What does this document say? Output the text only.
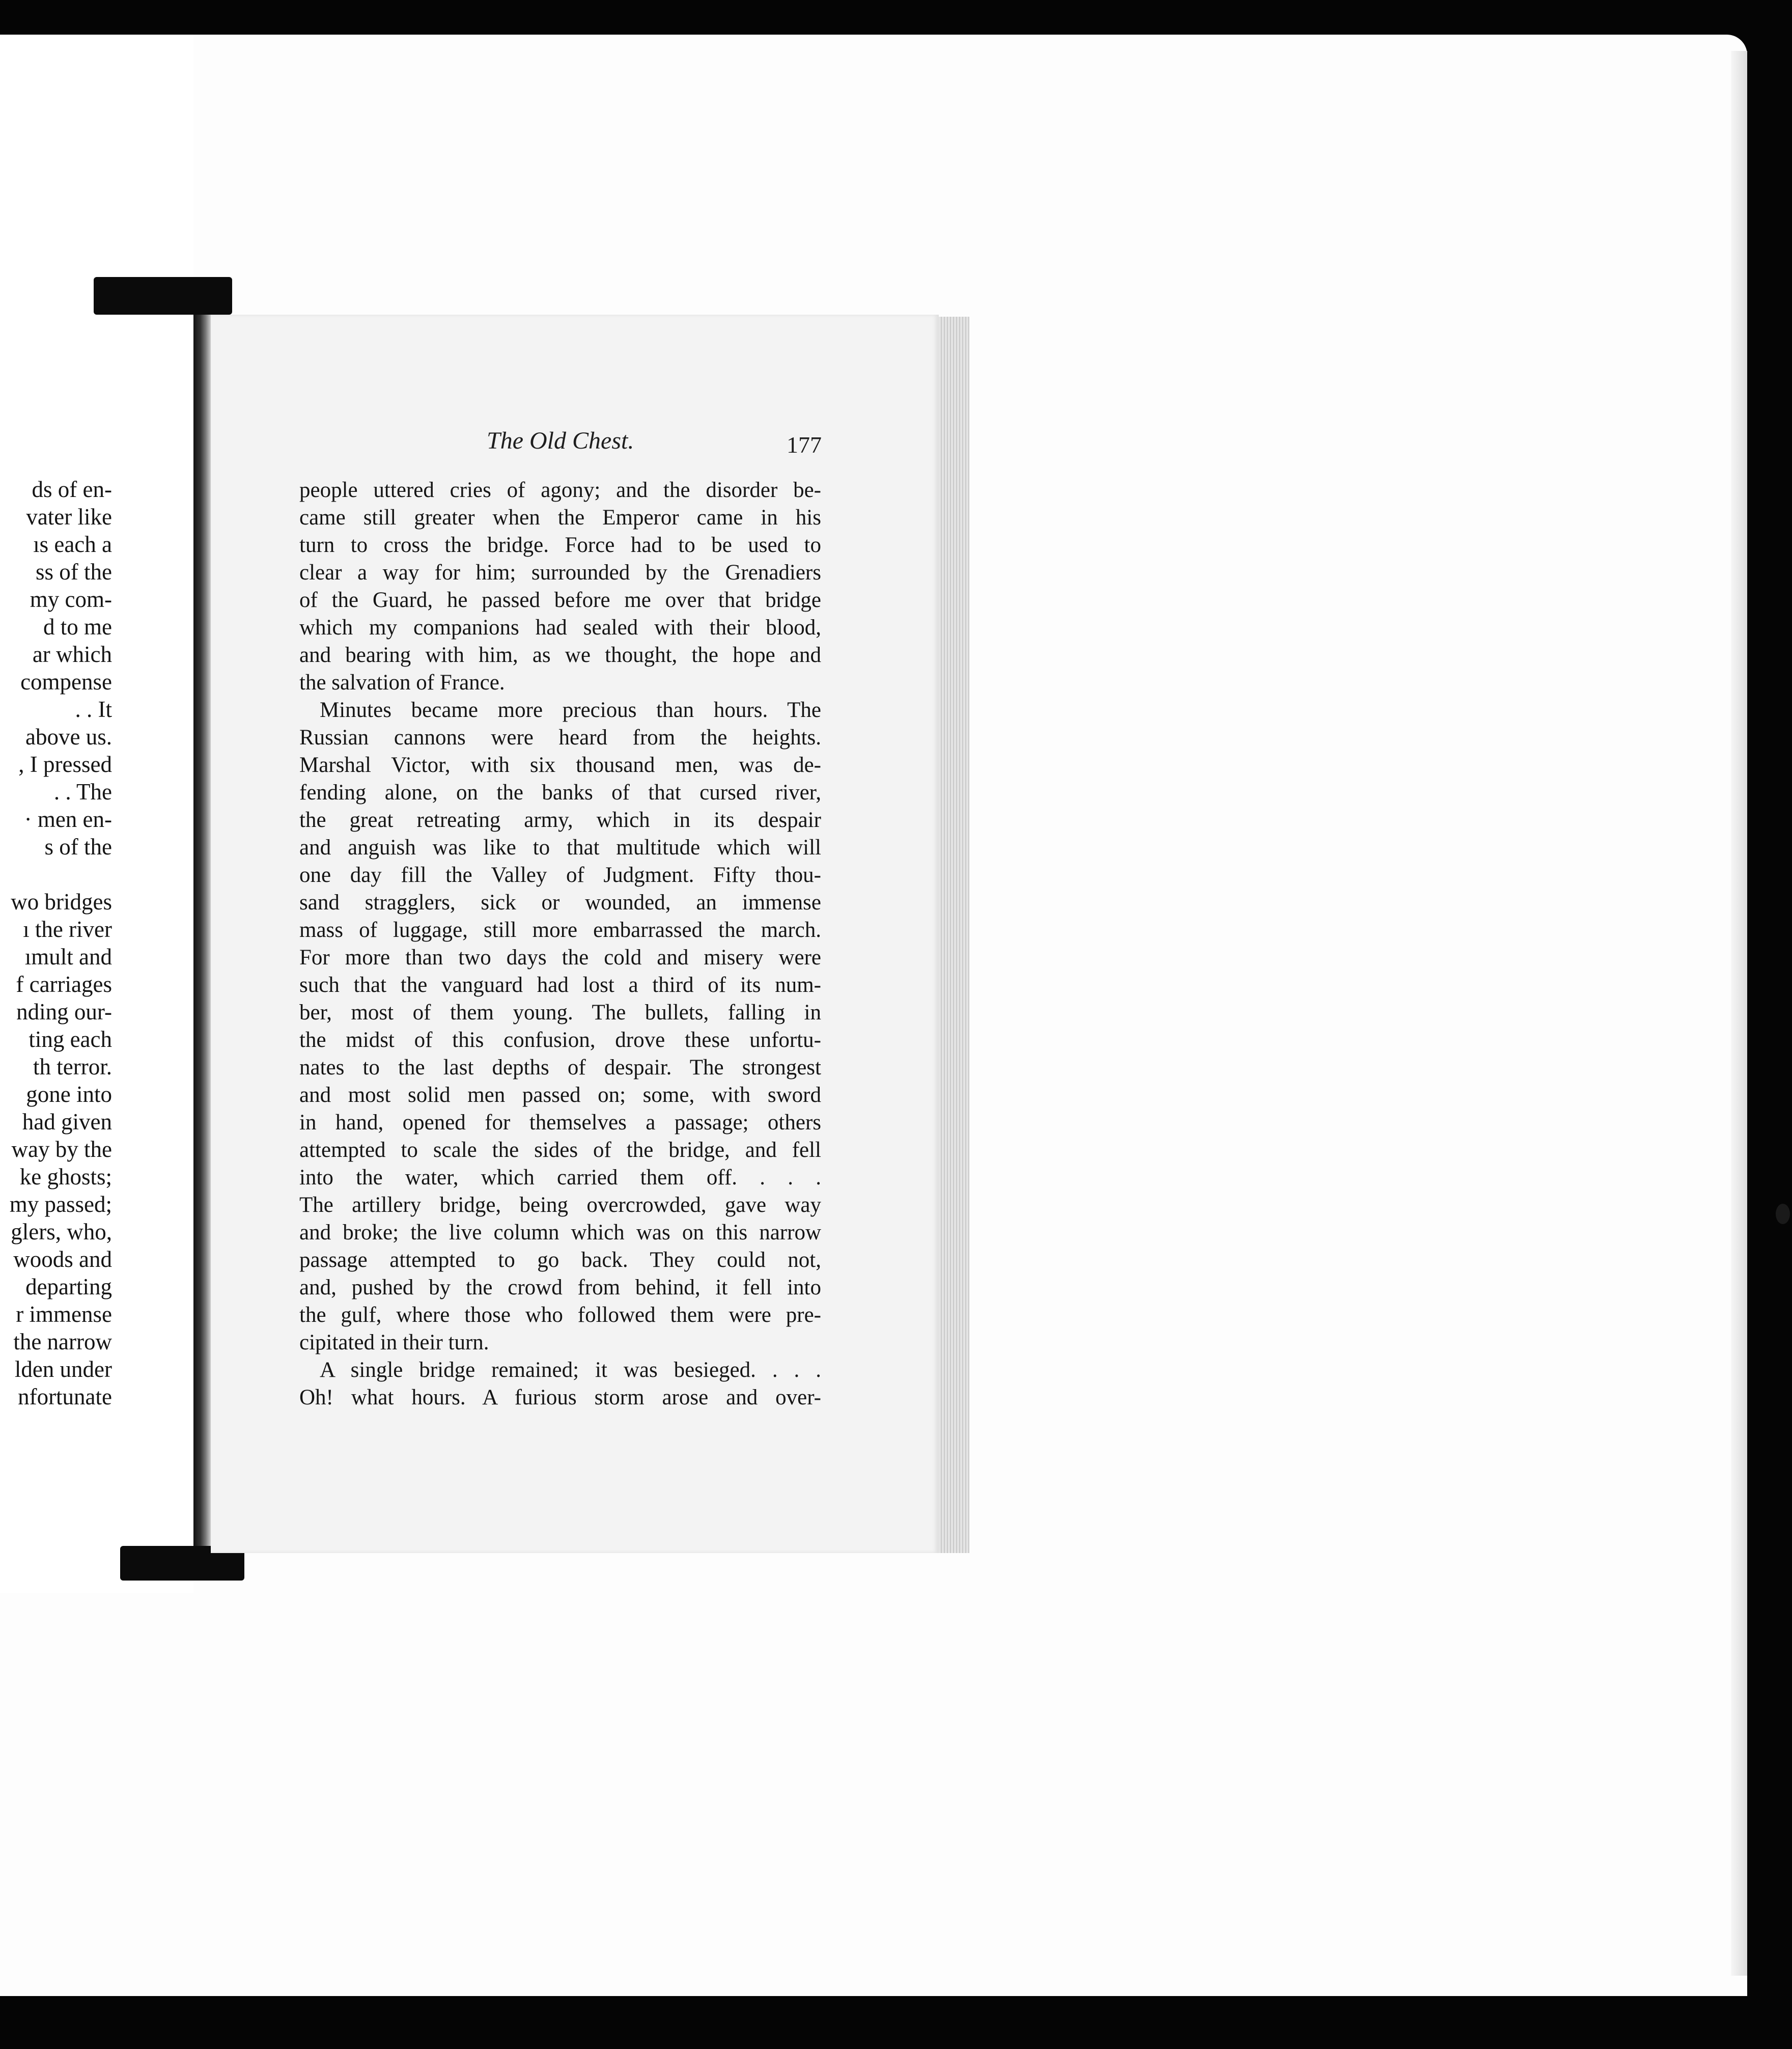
ds of en-

vater like

ıs each a

ss of the

my com-

d to me

ar which

compense

. . It

above us.

, I pressed

. . The

· men en-

s of the

wo bridges

ı the river

ımult and

f carriages

nding our-

ting each

th terror.

gone into

had given

way by the

ke ghosts;

my passed;

glers, who,

woods and

departing

r immense

the narrow

lden under

nfortunate

The Old Chest.	177

people uttered cries of agony; and the disorder be-

came still greater when the Emperor came in his

turn to cross the bridge. Force had to be used to

clear a way for him; surrounded by the Grenadiers

of the Guard, he passed before me over that bridge

which my companions had sealed with their blood,

and bearing with him, as we thought, the hope and

the salvation of France.

Minutes became more precious than hours. The

Russian cannons were heard from the heights.

Marshal Victor, with six thousand men, was de-

fending alone, on the banks of that cursed river,

the great retreating army, which in its despair

and anguish was like to that multitude which will

one day fill the Valley of Judgment. Fifty thou-

sand stragglers, sick or wounded, an immense

mass of luggage, still more embarrassed the march.

For more than two days the cold and misery were

such that the vanguard had lost a third of its num-

ber, most of them young. The bullets, falling in

the midst of this confusion, drove these unfortu-

nates to the last depths of despair. The strongest

and most solid men passed on; some, with sword

in hand, opened for themselves a passage; others

attempted to scale the sides of the bridge, and fell

into the water, which carried them off. . . .

The artillery bridge, being overcrowded, gave way

and broke; the live column which was on this narrow

passage attempted to go back. They could not,

and, pushed by the crowd from behind, it fell into

the gulf, where those who followed them were pre-

cipitated in their turn.

A single bridge remained; it was besieged. . . .

Oh! what hours. A furious storm arose and over-
